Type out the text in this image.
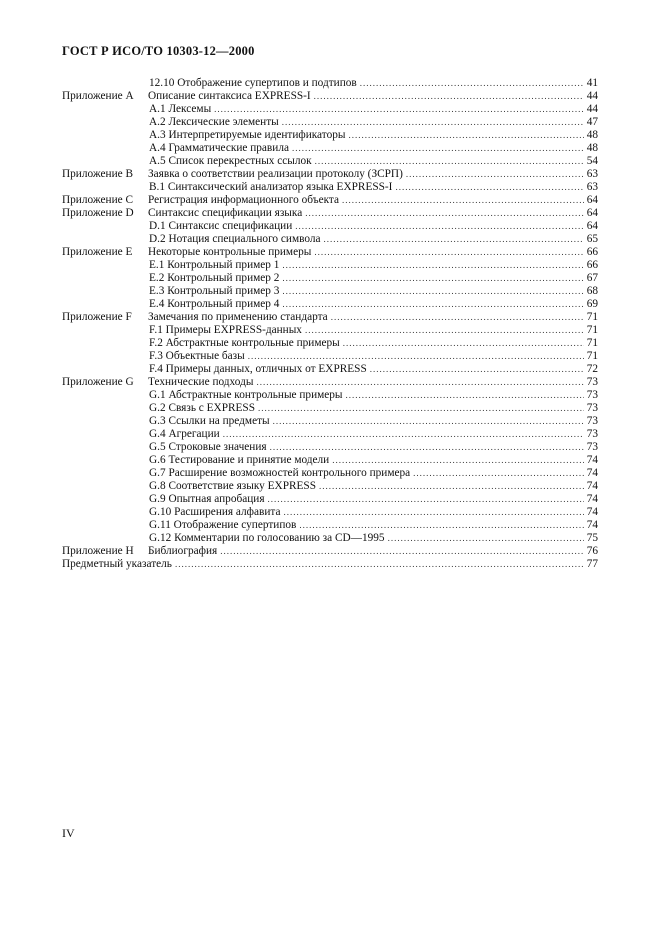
ГОСТ Р ИСО/ТО 10303-12—2000
12.10 Отображение супертипов и подтипов .....	41
Приложение А Описание синтаксиса EXPRESS-I .....	44
А.1 Лексемы .....	44
А.2 Лексические элементы .....	47
А.3 Интерпретируемые идентификаторы .....	48
А.4 Грамматические правила .....	48
А.5 Список перекрестных ссылок .....	54
Приложение В Заявка о соответствии реализации протоколу (ЗСРП) .....	63
В.1 Синтаксический анализатор языка EXPRESS-I .....	63
Приложение С Регистрация информационного объекта .....	64
Приложение D Синтаксис спецификации языка .....	64
D.1 Синтаксис спецификации .....	64
D.2 Нотация специального символа .....	65
Приложение Е Некоторые контрольные примеры .....	66
Е.1 Контрольный пример 1 .....	66
Е.2 Контрольный пример 2 .....	67
Е.3 Контрольный пример 3 .....	68
Е.4 Контрольный пример 4 .....	69
Приложение F Замечания по применению стандарта .....	71
F.1 Примеры EXPRESS-данных .....	71
F.2 Абстрактные контрольные примеры .....	71
F.3 Объектные базы .....	71
F.4 Примеры данных, отличных от EXPRESS .....	72
Приложение G Технические подходы .....	73
G.1 Абстрактные контрольные примеры .....	73
G.2 Связь с EXPRESS .....	73
G.3 Ссылки на предметы .....	73
G.4 Агрегации .....	73
G.5 Строковые значения .....	73
G.6 Тестирование и принятие модели .....	74
G.7 Расширение возможностей контрольного примера .....	74
G.8 Соответствие языку EXPRESS .....	74
G.9 Опытная апробация .....	74
G.10 Расширения алфавита .....	74
G.11 Отображение супертипов .....	74
G.12 Комментарии по голосованию за CD—1995 .....	75
Приложение Н Библиография .....	76
Предметный указатель .....	77
IV
